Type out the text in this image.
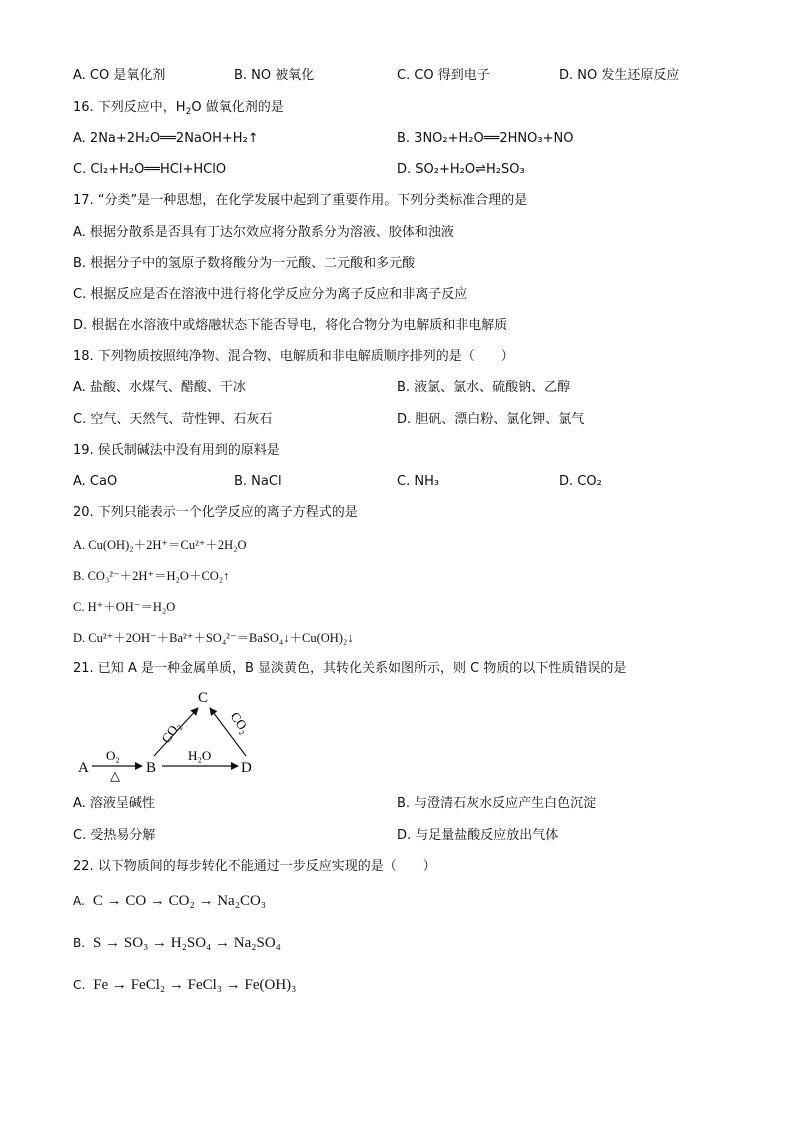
A. CO 是氧化剂	B. NO 被氧化	C. CO 得到电子	D. NO 发生还原反应
16. 下列反应中，$H_2O$ 做氧化剂的是
A. 2Na+2H₂O══2NaOH+H₂↑	B. 3NO₂+H₂O══2HNO₃+NO
C. Cl₂+H₂O══HCl+HClO	D. SO₂+H₂O⇌H₂SO₃
17. “分类”是一种思想，在化学发展中起到了重要作用。下列分类标准合理的是
A. 根据分散系是否具有丁达尔效应将分散系分为溶液、胶体和浊液
B. 根据分子中的氢原子数将酸分为一元酸、二元酸和多元酸
C. 根据反应是否在溶液中进行将化学反应分为离子反应和非离子反应
D. 根据在水溶液中或熔融状态下能否导电，将化合物分为电解质和非电解质
18. 下列物质按照纯净物、混合物、电解质和非电解质顺序排列的是（　　）
A. 盐酸、水煤气、醋酸、干冰	B. 液氯、氯水、硫酸钠、乙醇
C. 空气、天然气、苛性钾、石灰石	D. 胆矾、漂白粉、氯化钾、氯气
19. 侯氏制碱法中没有用到的原料是
A. CaO	B. NaCl	C. NH₃	D. CO₂
20. 下列只能表示一个化学反应的离子方程式的是
A. Cu(OH)₂＋2H⁺＝Cu²⁺＋2H₂O
B. CO₃²⁻＋2H⁺＝H₂O＋CO₂↑
C. H⁺＋OH⁻＝H₂O
D. Cu²⁺＋2OH⁻＋Ba²⁺＋SO₄²⁻＝BaSO₄↓＋Cu(OH)₂↓
21. 已知 A 是一种金属单质，B 显淡黄色，其转化关系如图所示，则 C 物质的以下性质错误的是
A	B
C
D
O₂
△
CO₂
H₂O
CO₂
A. 溶液呈碱性	B. 与澄清石灰水反应产生白色沉淀
C. 受热易分解	D. 与足量盐酸反应放出气体
22. 以下物质间的每步转化不能通过一步反应实现的是（　　）
A. C → CO → CO₂ → Na₂CO₃
B. S → SO₃ → H₂SO₄ → Na₂SO₄
C. Fe → FeCl₂ → FeCl₃ → Fe(OH)₃
